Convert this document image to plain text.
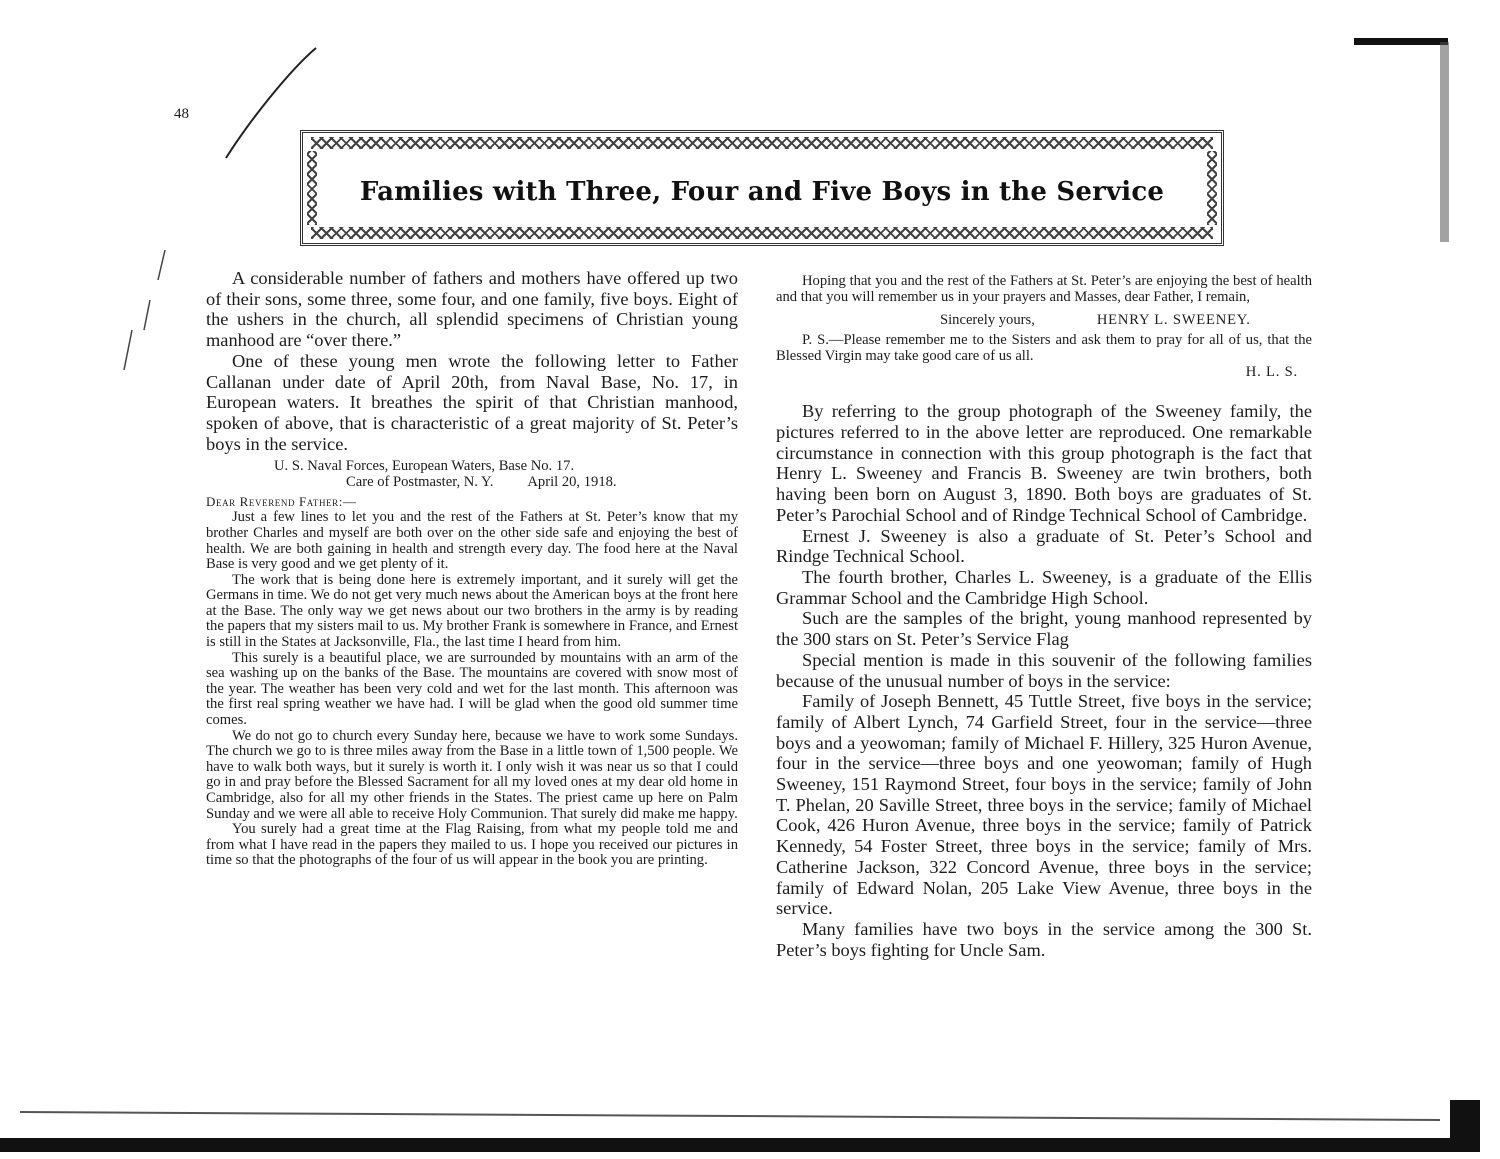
48
Families with Three, Four and Five Boys in the Service

A considerable number of fathers and mothers have offered up two of their sons, some three, some four, and one family, five boys. Eight of the ushers in the church, all splendid specimens of Christian young manhood are “over there.”

One of these young men wrote the following letter to Father Callanan under date of April 20th, from Naval Base, No. 17, in European waters. It breathes the spirit of that Christian manhood, spoken of above, that is characteristic of a great majority of St. Peter’s boys in the service.

U. S. Naval Forces, European Waters, Base No. 17.
Care of Postmaster, N. Y. April 20, 1918.

Dear Reverend Father:—

Just a few lines to let you and the rest of the Fathers at St. Peter’s know that my brother Charles and myself are both over on the other side safe and enjoying the best of health. We are both gaining in health and strength every day. The food here at the Naval Base is very good and we get plenty of it.

The work that is being done here is extremely important, and it surely will get the Germans in time. We do not get very much news about the American boys at the front here at the Base. The only way we get news about our two brothers in the army is by reading the papers that my sisters mail to us. My brother Frank is somewhere in France, and Ernest is still in the States at Jacksonville, Fla., the last time I heard from him.

This surely is a beautiful place, we are surrounded by mountains with an arm of the sea washing up on the banks of the Base. The mountains are covered with snow most of the year. The weather has been very cold and wet for the last month. This afternoon was the first real spring weather we have had. I will be glad when the good old summer time comes.

We do not go to church every Sunday here, because we have to work some Sundays. The church we go to is three miles away from the Base in a little town of 1,500 people. We have to walk both ways, but it surely is worth it. I only wish it was near us so that I could go in and pray before the Blessed Sacrament for all my loved ones at my dear old home in Cambridge, also for all my other friends in the States. The priest came up here on Palm Sunday and we were all able to receive Holy Communion. That surely did make me happy.

You surely had a great time at the Flag Raising, from what my people told me and from what I have read in the papers they mailed to us. I hope you received our pictures in time so that the photographs of the four of us will appear in the book you are printing.

Hoping that you and the rest of the Fathers at St. Peter’s are enjoying the best of health and that you will remember us in your prayers and Masses, dear Father, I remain,

Sincerely yours,	HENRY L. SWEENEY.

P. S.—Please remember me to the Sisters and ask them to pray for all of us, that the Blessed Virgin may take good care of us all.

H. L. S.

By referring to the group photograph of the Sweeney family, the pictures referred to in the above letter are reproduced. One remarkable circumstance in connection with this group photograph is the fact that Henry L. Sweeney and Francis B. Sweeney are twin brothers, both having been born on August 3, 1890. Both boys are graduates of St. Peter’s Parochial School and of Rindge Technical School of Cambridge.

Ernest J. Sweeney is also a graduate of St. Peter’s School and Rindge Technical School.

The fourth brother, Charles L. Sweeney, is a graduate of the Ellis Grammar School and the Cambridge High School.

Such are the samples of the bright, young manhood represented by the 300 stars on St. Peter’s Service Flag

Special mention is made in this souvenir of the following families because of the unusual number of boys in the service:

Family of Joseph Bennett, 45 Tuttle Street, five boys in the service; family of Albert Lynch, 74 Garfield Street, four in the service—three boys and a yeowoman; family of Michael F. Hillery, 325 Huron Avenue, four in the service—three boys and one yeowoman; family of Hugh Sweeney, 151 Raymond Street, four boys in the service; family of John T. Phelan, 20 Saville Street, three boys in the service; family of Michael Cook, 426 Huron Avenue, three boys in the service; family of Patrick Kennedy, 54 Foster Street, three boys in the service; family of Mrs. Catherine Jackson, 322 Concord Avenue, three boys in the service; family of Edward Nolan, 205 Lake View Avenue, three boys in the service.

Many families have two boys in the service among the 300 St. Peter’s boys fighting for Uncle Sam.
